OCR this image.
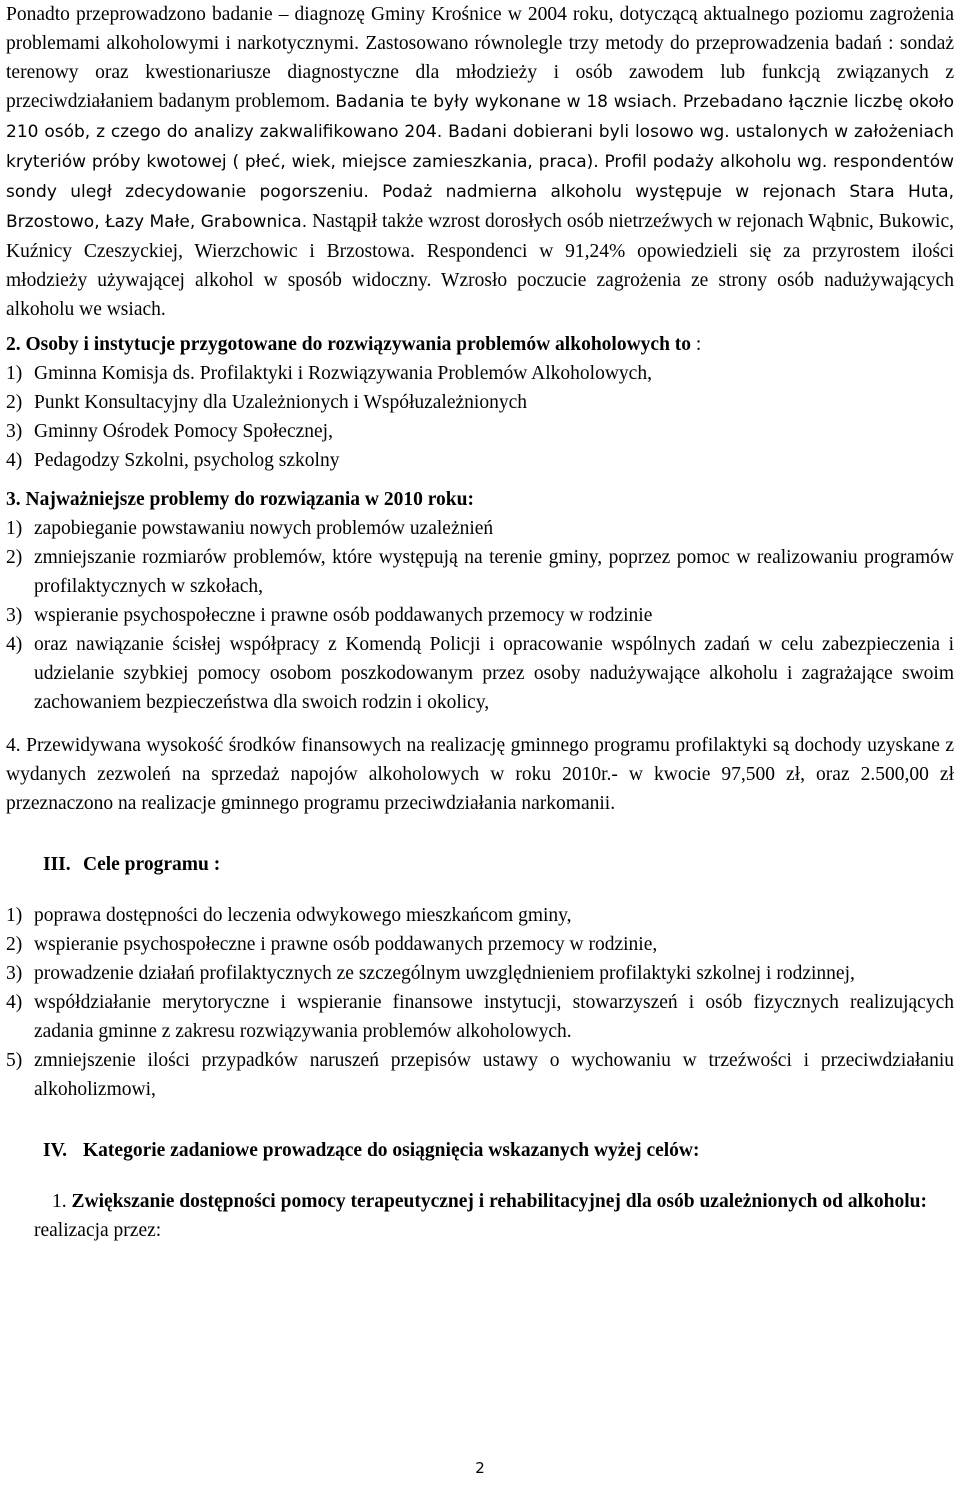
Ponadto przeprowadzono badanie – diagnozę Gminy Krośnice w 2004 roku, dotyczącą aktualnego poziomu zagrożenia problemami alkoholowymi i narkotycznymi. Zastosowano równolegle trzy metody do przeprowadzenia badań : sondaż terenowy oraz kwestionariusze diagnostyczne dla młodzieży i osób zawodem lub funkcją związanych z przeciwdziałaniem badanym problemom. Badania te były wykonane w 18 wsiach. Przebadano łącznie liczbę około 210 osób, z czego do analizy zakwalifikowano 204. Badani dobierani byli losowo wg. ustalonych w założeniach kryteriów próby kwotowej ( płeć, wiek, miejsce zamieszkania, praca). Profil podaży alkoholu wg. respondentów sondy uległ zdecydowanie pogorszeniu. Podaż nadmierna alkoholu występuje w rejonach Stara Huta, Brzostowo, Łazy Małe, Grabownica. Nastąpił także wzrost dorosłych osób nietrzeźwych w rejonach Wąbnic, Bukowic, Kuźnicy Czeszyckiej, Wierzchowic i Brzostowa. Respondenci w 91,24% opowiedzieli się za przyrostem ilości młodzieży używającej alkohol w sposób widoczny. Wzrosło poczucie zagrożenia ze strony osób nadużywających alkoholu we wsiach.

2. Osoby i instytucje przygotowane do rozwiązywania problemów alkoholowych to :

1) Gminna Komisja ds. Profilaktyki i Rozwiązywania Problemów Alkoholowych,
2) Punkt Konsultacyjny dla Uzależnionych i Współuzależnionych
3) Gminny Ośrodek Pomocy Społecznej,
4) Pedagodzy Szkolni, psycholog szkolny

3. Najważniejsze problemy do rozwiązania w 2010 roku:

1) zapobieganie powstawaniu nowych problemów uzależnień
2) zmniejszanie rozmiarów problemów, które występują na terenie gminy, poprzez pomoc w realizowaniu programów profilaktycznych w szkołach,
3) wspieranie psychospołeczne i prawne osób poddawanych przemocy w rodzinie
4) oraz nawiązanie ścisłej współpracy z Komendą Policji i opracowanie wspólnych zadań w celu zabezpieczenia i udzielanie szybkiej pomocy osobom poszkodowanym przez osoby nadużywające alkoholu i zagrażające swoim zachowaniem bezpieczeństwa dla swoich rodzin i okolicy,

4. Przewidywana wysokość środków finansowych na realizację gminnego programu profilaktyki są dochody uzyskane z wydanych zezwoleń na sprzedaż napojów alkoholowych w roku 2010r.- w kwocie 97,500 zł, oraz 2.500,00 zł przeznaczono na realizacje gminnego programu przeciwdziałania narkomanii.

III. Cele programu :
1) poprawa dostępności do leczenia odwykowego mieszkańcom gminy,
2) wspieranie psychospołeczne i prawne osób poddawanych przemocy w rodzinie,
3) prowadzenie działań profilaktycznych ze szczególnym uwzględnieniem profilaktyki szkolnej i rodzinnej,
4) współdziałanie merytoryczne i wspieranie finansowe instytucji, stowarzyszeń i osób fizycznych realizujących zadania gminne z zakresu rozwiązywania problemów alkoholowych.
5) zmniejszenie ilości przypadków naruszeń przepisów ustawy o wychowaniu w trzeźwości i przeciwdziałaniu alkoholizmowi,
IV. Kategorie zadaniowe prowadzące do osiągnięcia wskazanych wyżej celów:

1. Zwiększanie dostępności pomocy terapeutycznej i rehabilitacyjnej dla osób uzależnionych od alkoholu:

realizacja przez:

2
